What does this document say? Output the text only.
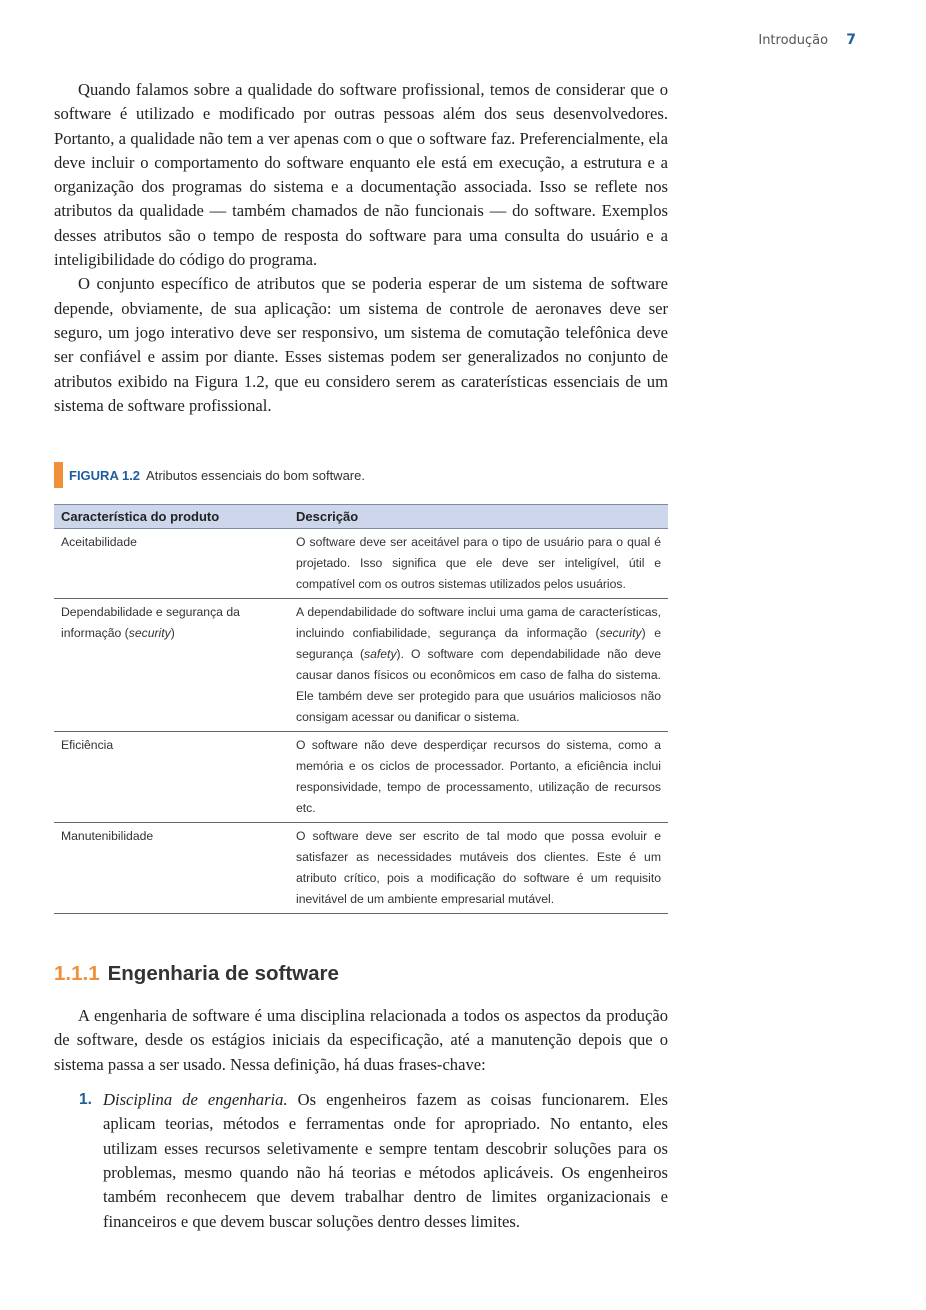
Introdução 7

Quando falamos sobre a qualidade do software profissional, temos de considerar que o software é utilizado e modificado por outras pessoas além dos seus desenvolvedores. Portanto, a qualidade não tem a ver apenas com o que o software faz. Preferencialmente, ela deve incluir o comportamento do software enquanto ele está em execução, a estrutura e a organização dos programas do sistema e a documentação associada. Isso se reflete nos atributos da qualidade — também chamados de não funcionais — do software. Exemplos desses atributos são o tempo de resposta do software para uma consulta do usuário e a inteligibilidade do código do programa.

O conjunto específico de atributos que se poderia esperar de um sistema de software depende, obviamente, de sua aplicação: um sistema de controle de aeronaves deve ser seguro, um jogo interativo deve ser responsivo, um sistema de comutação telefônica deve ser confiável e assim por diante. Esses sistemas podem ser generalizados no conjunto de atributos exibido na Figura 1.2, que eu considero serem as caraterísticas essenciais de um sistema de software profissional.

FIGURA 1.2 Atributos essenciais do bom software.
Característica do produto	Descrição
Aceitabilidade	O software deve ser aceitável para o tipo de usuário para o qual é projetado. Isso significa que ele deve ser inteligível, útil e compatível com os outros sistemas utilizados pelos usuários.
Dependabilidade e segurança da informação (security)	A dependabilidade do software inclui uma gama de características, incluindo confiabilidade, segurança da informação (security) e segurança (safety). O software com dependabilidade não deve causar danos físicos ou econômicos em caso de falha do sistema. Ele também deve ser protegido para que usuários maliciosos não consigam acessar ou danificar o sistema.
Eficiência	O software não deve desperdiçar recursos do sistema, como a memória e os ciclos de processador. Portanto, a eficiência inclui responsividade, tempo de processamento, utilização de recursos etc.
Manutenibilidade	O software deve ser escrito de tal modo que possa evoluir e satisfazer as necessidades mutáveis dos clientes. Este é um atributo crítico, pois a modificação do software é um requisito inevitável de um ambiente empresarial mutável.
1.1.1 Engenharia de software

A engenharia de software é uma disciplina relacionada a todos os aspectos da produção de software, desde os estágios iniciais da especificação, até a manutenção depois que o sistema passa a ser usado. Nessa definição, há duas frases-chave:

1. Disciplina de engenharia. Os engenheiros fazem as coisas funcionarem. Eles aplicam teorias, métodos e ferramentas onde for apropriado. No entanto, eles utilizam esses recursos seletivamente e sempre tentam descobrir soluções para os problemas, mesmo quando não há teorias e métodos aplicáveis. Os engenheiros também reconhecem que devem trabalhar dentro de limites organizacionais e financeiros e que devem buscar soluções dentro desses limites.
